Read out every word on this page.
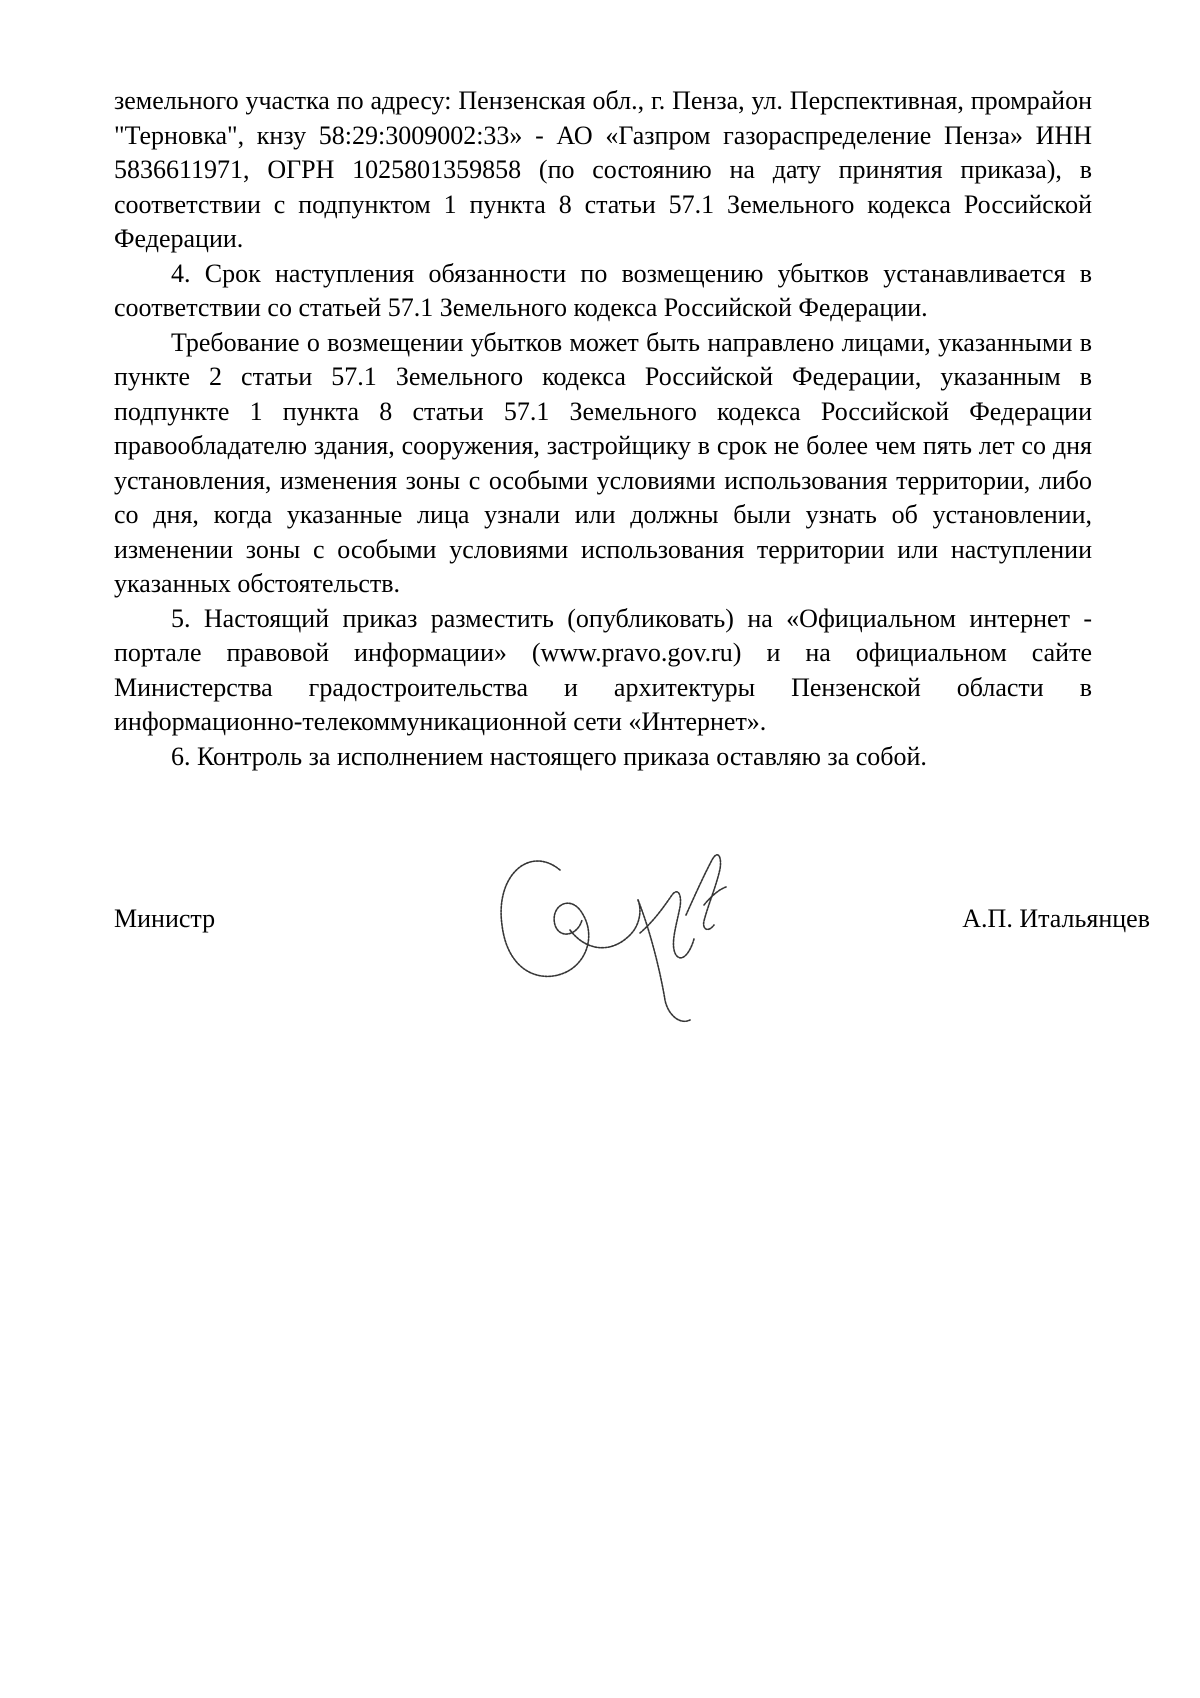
земельного участка по адресу: Пензенская обл., г. Пенза, ул. Перспективная, промрайон "Терновка", кнзу 58:29:3009002:33» - АО «Газпром газораспределение Пенза» ИНН 5836611971, ОГРН 1025801359858 (по состоянию на дату принятия приказа), в соответствии с подпунктом 1 пункта 8 статьи 57.1 Земельного кодекса Российской Федерации.

4. Срок наступления обязанности по возмещению убытков устанавливается в соответствии со статьей 57.1 Земельного кодекса Российской Федерации.

Требование о возмещении убытков может быть направлено лицами, указанными в пункте 2 статьи 57.1 Земельного кодекса Российской Федерации, указанным в подпункте 1 пункта 8 статьи 57.1 Земельного кодекса Российской Федерации правообладателю здания, сооружения, застройщику в срок не более чем пять лет со дня установления, изменения зоны с особыми условиями использования территории, либо со дня, когда указанные лица узнали или должны были узнать об установлении, изменении зоны с особыми условиями использования территории или наступлении указанных обстоятельств.

5. Настоящий приказ разместить (опубликовать) на «Официальном интернет - портале правовой информации» (www.pravo.gov.ru) и на официальном сайте Министерства градостроительства и архитектуры Пензенской области в информационно-телекоммуникационной сети «Интернет».

6. Контроль за исполнением настоящего приказа оставляю за собой.

Министр	А.П. Итальянцев
